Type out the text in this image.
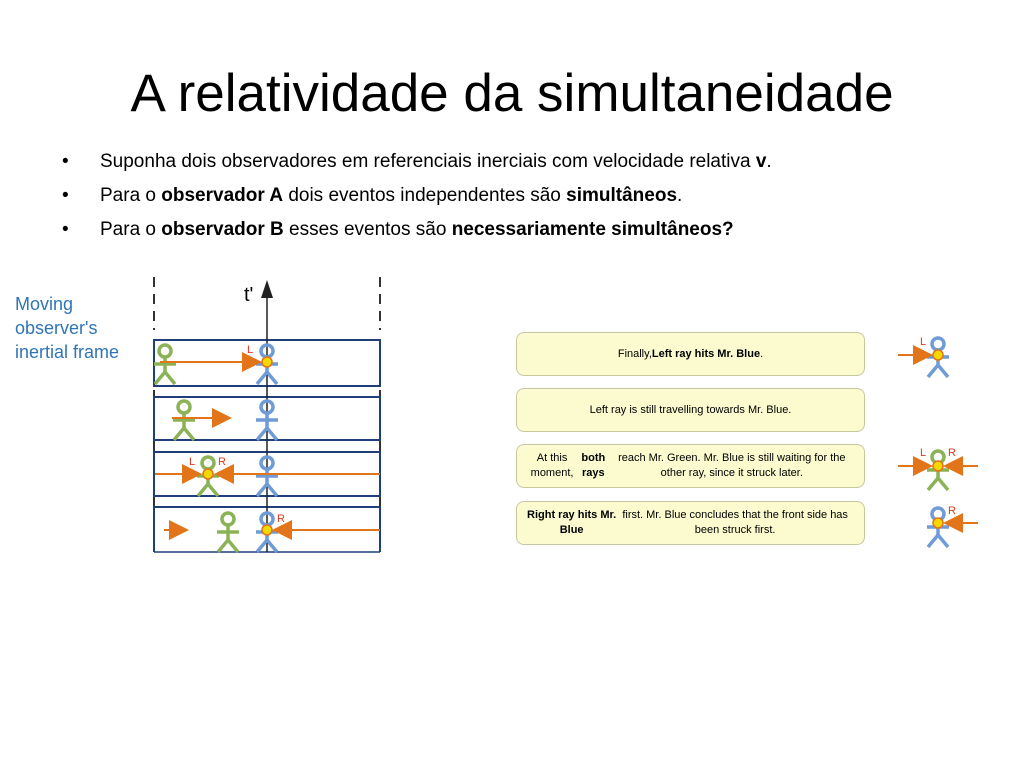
A relatividade da simultaneidade
• Suponha dois observadores em referenciais inerciais com velocidade relativa v.
• Para o observador A dois eventos independentes são simultâneos.
• Para o observador B esses eventos são necessariamente simultâneos?
Moving observer's inertial frame
t'
L
L R
R
L
L R
R
Finally, Left ray hits Mr. Blue .
Left ray is still travelling towards Mr. Blue.
At this moment,
both rays
reach Mr. Green. Mr. Blue is still waiting for the other ray, since it struck later.
Right ray hits Mr. Blue
first. Mr. Blue concludes that the front side has been struck first.
